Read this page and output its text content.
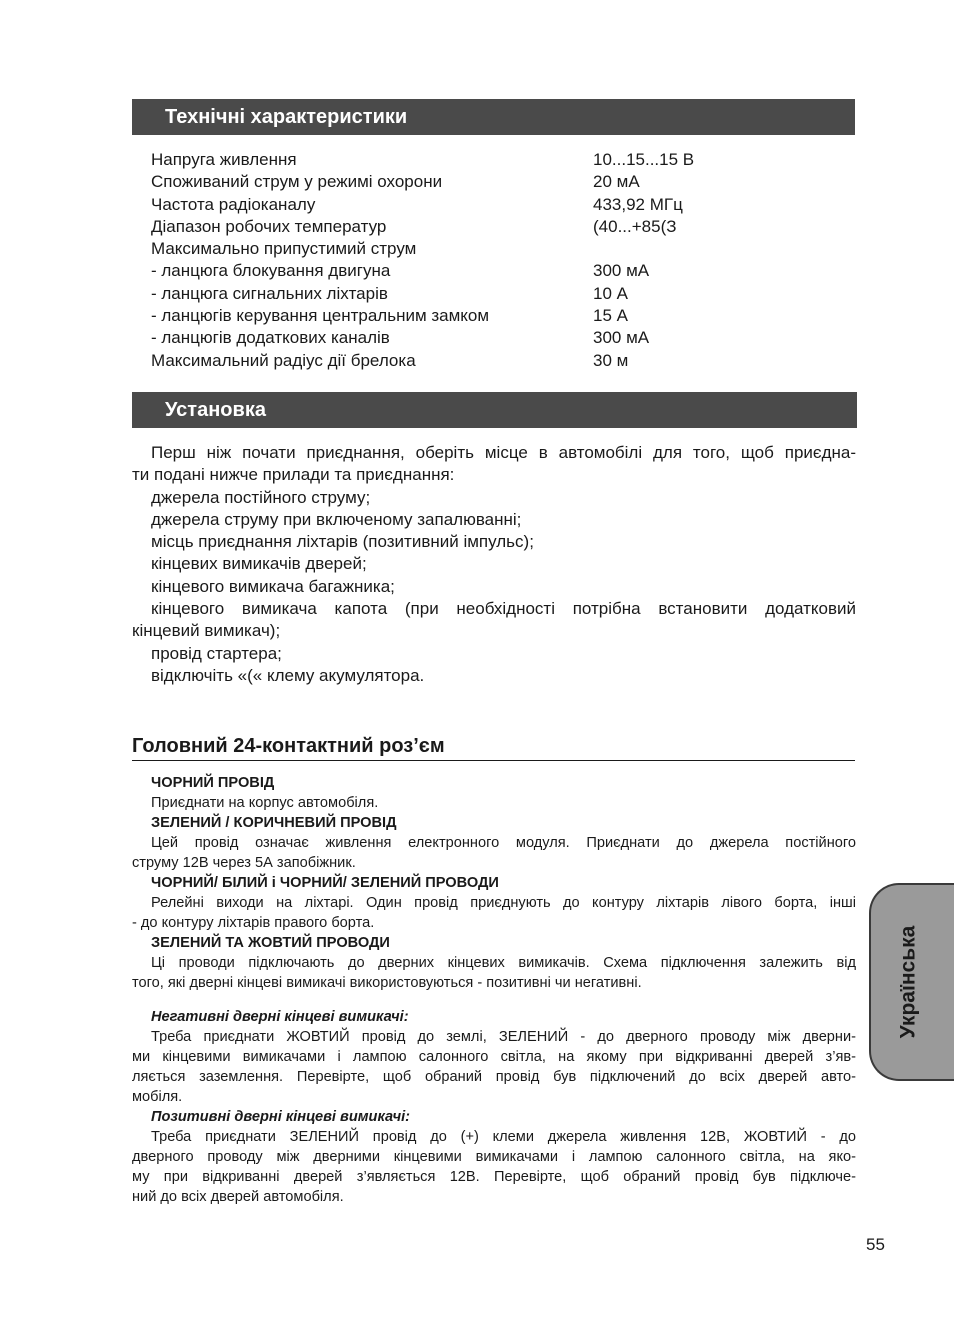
Технічні характеристики
Напруга живлення	10...15...15 В
Споживаний струм у режимі охорони	20 мА
Частота радіоканалу	433,92 МГц
Діапазон робочих температур	(40...+85(З
Максимально припустимий струм
- ланцюга блокування двигуна	300 мА
- ланцюга сигнальних ліхтарів	10 А
- ланцюгів керування центральним замком	15 А
- ланцюгів додаткових каналів	300 мА
Максимальний радіус дії брелока	30 м
Установка

Перш ніж почати приєднання, оберіть місце в автомобілі для того, щоб приєдна-

ти подані нижче прилади та приєднання:

джерела постійного струму;

джерела струму при включеному запалюванні;

місць приєднання ліхтарів (позитивний імпульс);

кінцевих вимикачів дверей;

кінцевого вимикача багажника;

кінцевого вимикача капота (при необхідності потрібна встановити додатковий

кінцевий вимикач);

провід стартера;

відключіть «(« клему акумулятора.

Головний 24-контактний роз’єм

ЧОРНИЙ ПРОВІД

Приєднати на корпус автомобіля.

ЗЕЛЕНИЙ / КОРИЧНЕВИЙ ПРОВІД

Цей провід означає живлення електронного модуля. Приєднати до джерела постійного

струму 12В через 5А запобіжник.

ЧОРНИЙ/ БІЛИЙ і ЧОРНИЙ/ ЗЕЛЕНИЙ ПРОВОДИ

Релейні виходи на ліхтарі. Один провід приєднують до контуру ліхтарів лівого борта, інші

- до контуру ліхтарів правого борта.

ЗЕЛЕНИЙ ТА ЖОВТИЙ ПРОВОДИ

Ці проводи підключають до дверних кінцевих вимикачів. Схема підключення залежить від

того, які дверні кінцеві вимикачі використовуються - позитивні чи негативні.

Негативні дверні кінцеві вимикачі:

Треба приєднати ЖОВТИЙ провід до землі, ЗЕЛЕНИЙ - до дверного проводу між дверни-

ми кінцевими вимикачами і лампою салонного світла, на якому при відкриванні дверей з’яв-

ляється заземлення. Перевірте, щоб обраний провід був підключений до всіх дверей авто-

мобіля.

Позитивні дверні кінцеві вимикачі:

Треба приєднати ЗЕЛЕНИЙ провід до (+) клеми джерела живлення 12В, ЖОВТИЙ - до

дверного проводу між дверними кінцевими вимикачами і лампою салонного світла, на яко-

му при відкриванні дверей з’являється 12В. Перевірте, щоб обраний провід був підключе-

ний до всіх дверей автомобіля.

Українська
55
